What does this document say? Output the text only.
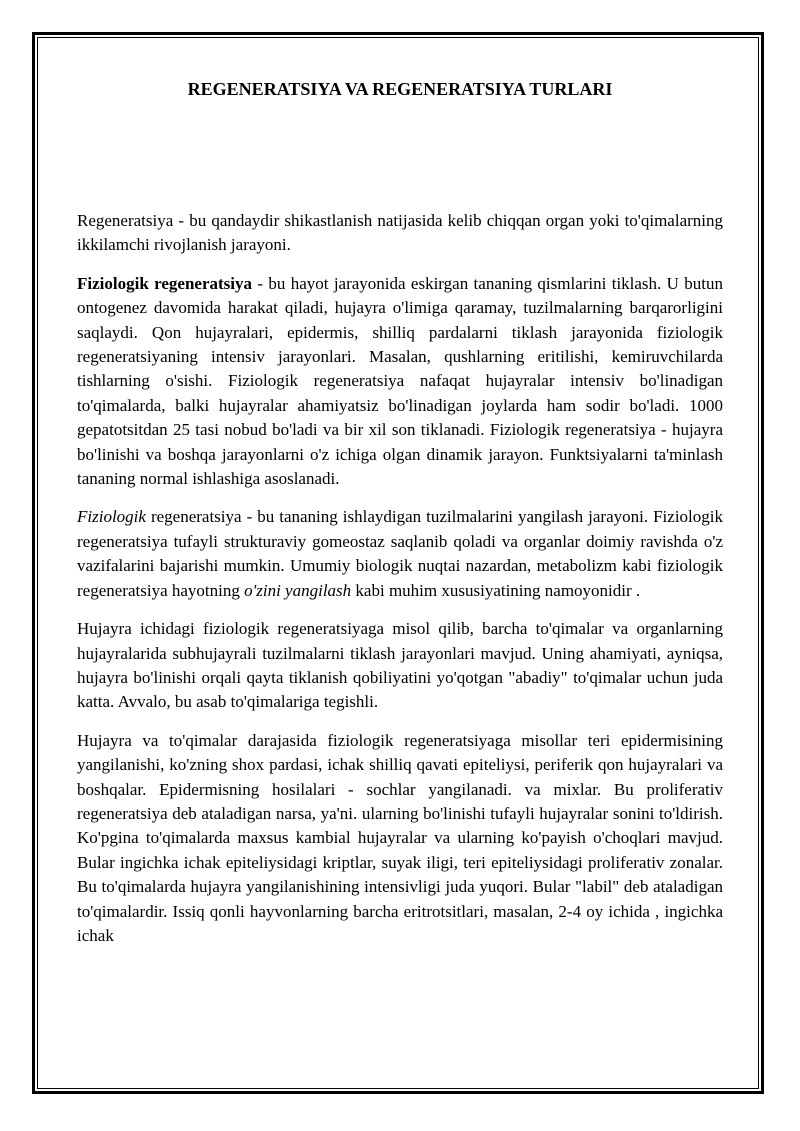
REGENERATSIYA VA REGENERATSIYA TURLARI

Regeneratsiya - bu qandaydir shikastlanish natijasida kelib chiqqan organ yoki to'qimalarning ikkilamchi rivojlanish jarayoni.

Fiziologik regeneratsiya - bu hayot jarayonida eskirgan tananing qismlarini tiklash. U butun ontogenez davomida harakat qiladi, hujayra o'limiga qaramay, tuzilmalarning barqarorligini saqlaydi. Qon hujayralari, epidermis, shilliq pardalarni tiklash jarayonida fiziologik regeneratsiyaning intensiv jarayonlari. Masalan, qushlarning eritilishi, kemiruvchilarda tishlarning o'sishi. Fiziologik regeneratsiya nafaqat hujayralar intensiv bo'linadigan to'qimalarda, balki hujayralar ahamiyatsiz bo'linadigan joylarda ham sodir bo'ladi. 1000 gepatotsitdan 25 tasi nobud bo'ladi va bir xil son tiklanadi. Fiziologik regeneratsiya - hujayra bo'linishi va boshqa jarayonlarni o'z ichiga olgan dinamik jarayon. Funktsiyalarni ta'minlash tananing normal ishlashiga asoslanadi.

Fiziologik regeneratsiya - bu tananing ishlaydigan tuzilmalarini yangilash jarayoni. Fiziologik regeneratsiya tufayli strukturaviy gomeostaz saqlanib qoladi va organlar doimiy ravishda o'z vazifalarini bajarishi mumkin. Umumiy biologik nuqtai nazardan, metabolizm kabi fiziologik regeneratsiya hayotning o'zini yangilash kabi muhim xususiyatining namoyonidir .

Hujayra ichidagi fiziologik regeneratsiyaga misol qilib, barcha to'qimalar va organlarning hujayralarida subhujayrali tuzilmalarni tiklash jarayonlari mavjud. Uning ahamiyati, ayniqsa, hujayra bo'linishi orqali qayta tiklanish qobiliyatini yo'qotgan "abadiy" to'qimalar uchun juda katta. Avvalo, bu asab to'qimalariga tegishli.

Hujayra va to'qimalar darajasida fiziologik regeneratsiyaga misollar teri epidermisining yangilanishi, ko'zning shox pardasi, ichak shilliq qavati epiteliysi, periferik qon hujayralari va boshqalar. Epidermisning hosilalari - sochlar yangilanadi. va mixlar. Bu proliferativ regeneratsiya deb ataladigan narsa, ya'ni. ularning bo'linishi tufayli hujayralar sonini to'ldirish. Ko'pgina to'qimalarda maxsus kambial hujayralar va ularning ko'payish o'choqlari mavjud. Bular ingichka ichak epiteliysidagi kriptlar, suyak iligi, teri epiteliysidagi proliferativ zonalar. Bu to'qimalarda hujayra yangilanishining intensivligi juda yuqori. Bular "labil" deb ataladigan to'qimalardir. Issiq qonli hayvonlarning barcha eritrotsitlari, masalan, 2-4 oy ichida , ingichka ichak
